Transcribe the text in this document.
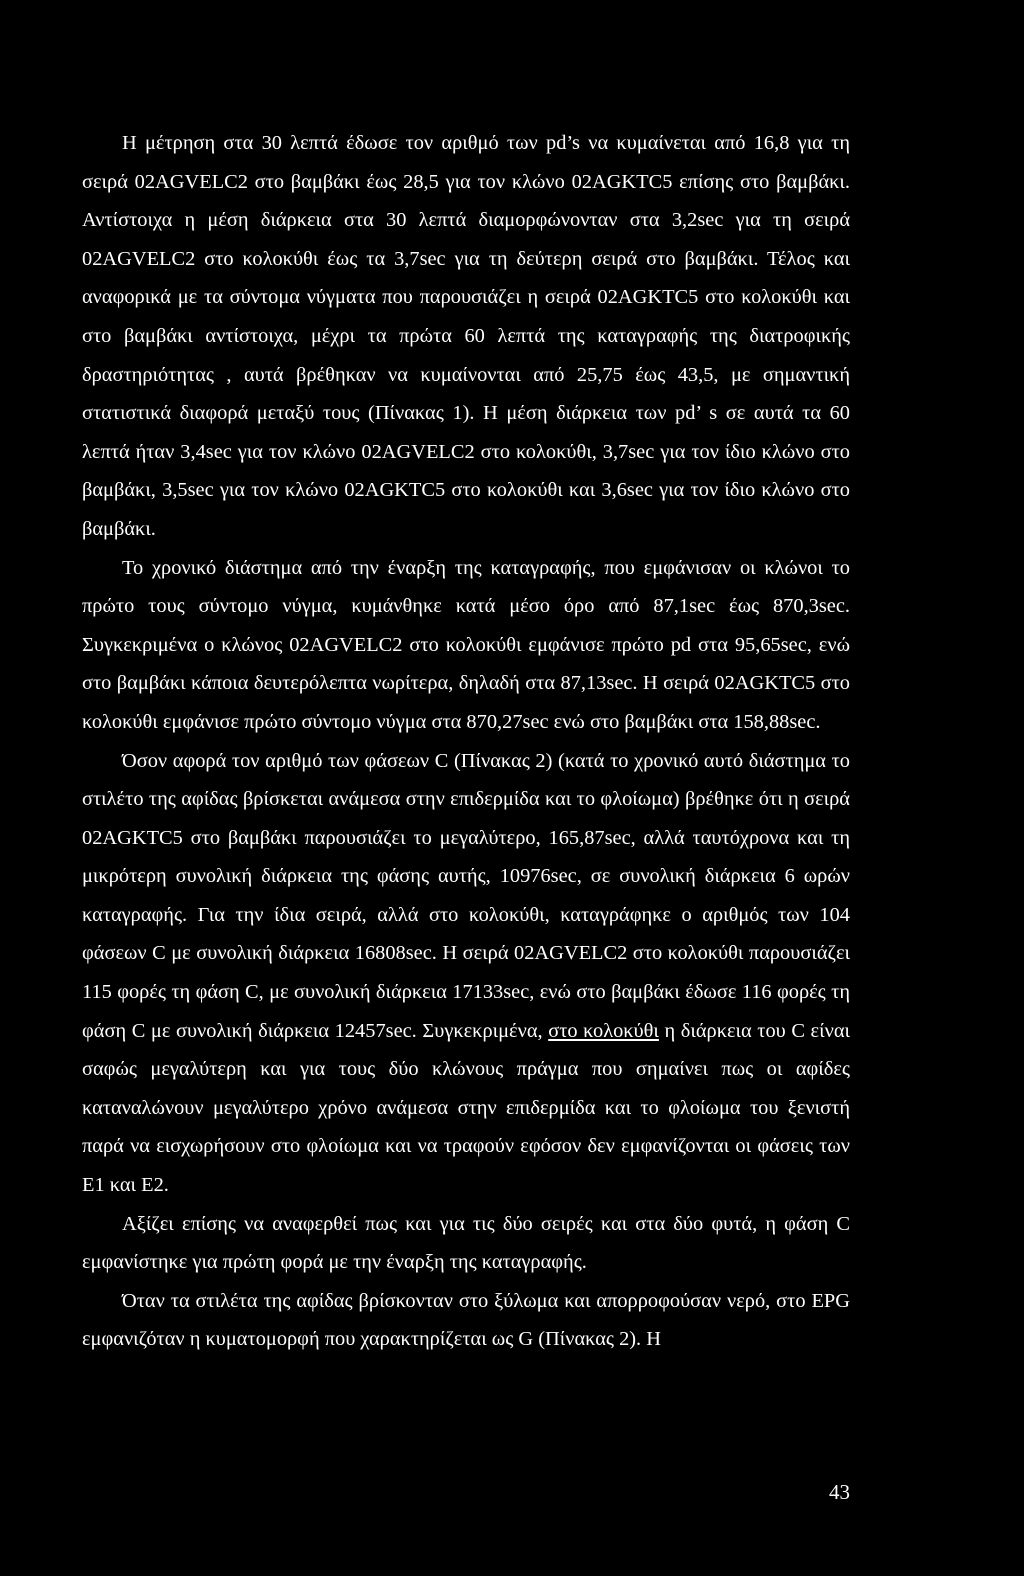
Η μέτρηση στα 30 λεπτά έδωσε τον αριθμό των pd’s να κυμαίνεται από 16,8 για τη σειρά 02AGVELC2 στο βαμβάκι έως 28,5 για τον κλώνο 02AGKTC5 επίσης στο βαμβάκι. Αντίστοιχα η μέση διάρκεια στα 30 λεπτά διαμορφώνονταν στα 3,2sec για τη σειρά 02AGVELC2 στο κολοκύθι έως τα 3,7sec για τη δεύτερη σειρά στο βαμβάκι. Τέλος και αναφορικά με τα σύντομα νύγματα που παρουσιάζει η σειρά 02AGKTC5 στο κολοκύθι και στο βαμβάκι αντίστοιχα, μέχρι τα πρώτα 60 λεπτά της καταγραφής της διατροφικής δραστηριότητας , αυτά βρέθηκαν να κυμαίνονται από 25,75 έως 43,5, με σημαντική στατιστικά διαφορά μεταξύ τους (Πίνακας 1). Η μέση διάρκεια των pd’ s σε αυτά τα 60 λεπτά ήταν 3,4sec για τον κλώνο 02AGVELC2 στο κολοκύθι, 3,7sec για τον ίδιο κλώνο στο βαμβάκι, 3,5sec για τον κλώνο 02AGKTC5 στο κολοκύθι και 3,6sec για τον ίδιο κλώνο στο βαμβάκι.

Το χρονικό διάστημα από την έναρξη της καταγραφής, που εμφάνισαν οι κλώνοι το πρώτο τους σύντομο νύγμα, κυμάνθηκε κατά μέσο όρο από 87,1sec έως 870,3sec. Συγκεκριμένα ο κλώνος 02AGVELC2 στο κολοκύθι εμφάνισε πρώτο pd στα 95,65sec, ενώ στο βαμβάκι κάποια δευτερόλεπτα νωρίτερα, δηλαδή στα 87,13sec. Η σειρά 02AGKTC5 στο κολοκύθι εμφάνισε πρώτο σύντομο νύγμα στα 870,27sec ενώ στο βαμβάκι στα 158,88sec.

Όσον αφορά τον αριθμό των φάσεων C (Πίνακας 2) (κατά το χρονικό αυτό διάστημα το στιλέτο της αφίδας βρίσκεται ανάμεσα στην επιδερμίδα και το φλοίωμα) βρέθηκε ότι η σειρά 02AGKTC5 στο βαμβάκι παρουσιάζει το μεγαλύτερο, 165,87sec, αλλά ταυτόχρονα και τη μικρότερη συνολική διάρκεια της φάσης αυτής, 10976sec, σε συνολική διάρκεια 6 ωρών καταγραφής. Για την ίδια σειρά, αλλά στο κολοκύθι, καταγράφηκε ο αριθμός των 104 φάσεων C με συνολική διάρκεια 16808sec. Η σειρά 02AGVELC2 στο κολοκύθι παρουσιάζει 115 φορές τη φάση C, με συνολική διάρκεια 17133sec, ενώ στο βαμβάκι έδωσε 116 φορές τη φάση C με συνολική διάρκεια 12457sec. Συγκεκριμένα, στο κολοκύθι η διάρκεια του C είναι σαφώς μεγαλύτερη και για τους δύο κλώνους πράγμα που σημαίνει πως οι αφίδες καταναλώνουν μεγαλύτερο χρόνο ανάμεσα στην επιδερμίδα και το φλοίωμα του ξενιστή παρά να εισχωρήσουν στο φλοίωμα και να τραφούν εφόσον δεν εμφανίζονται οι φάσεις των Ε1 και Ε2.

Αξίζει επίσης να αναφερθεί πως και για τις δύο σειρές και στα δύο φυτά, η φάση C εμφανίστηκε για πρώτη φορά με την έναρξη της καταγραφής.

Όταν τα στιλέτα της αφίδας βρίσκονταν στο ξύλωμα και απορροφούσαν νερό, στο EPG εμφανιζόταν η κυματομορφή που χαρακτηρίζεται ως G (Πίνακας 2). Η

43
